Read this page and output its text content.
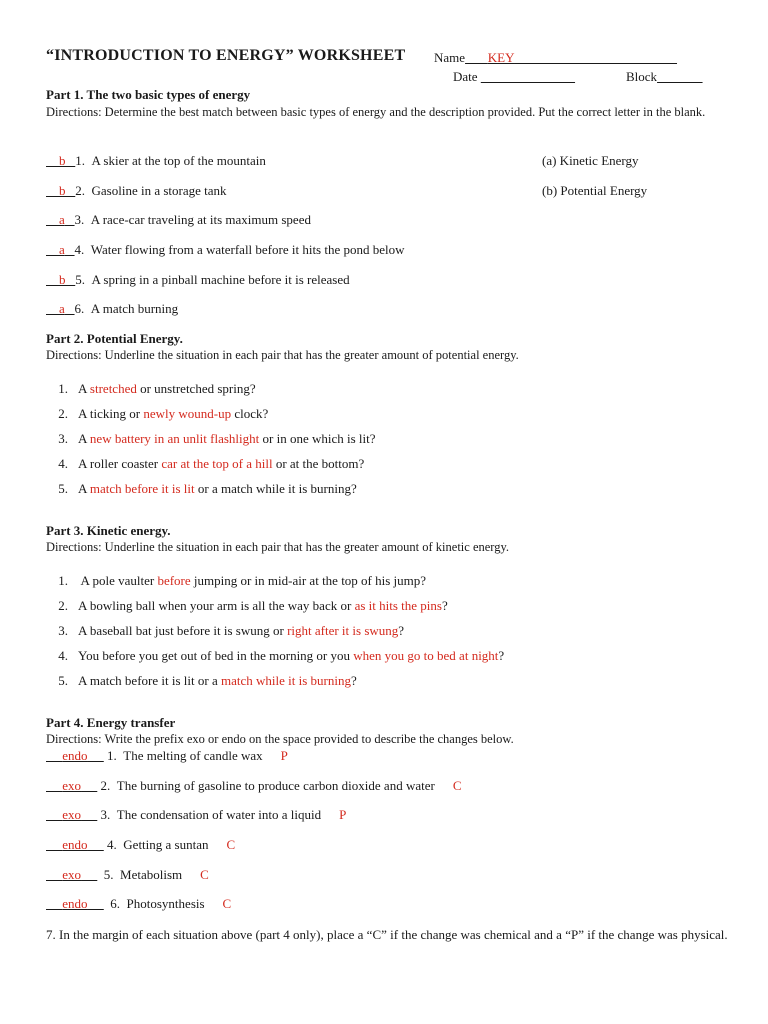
“INTRODUCTION TO ENERGY” WORKSHEET Name KEY
Date	Block
Part 1. The two basic types of energy
Directions: Determine the best match between basic types of energy and the description provided. Put the correct letter in the blank.
b 1. A skier at the top of the mountain
b 2. Gasoline in a storage tank
a 3. A race-car traveling at its maximum speed
a 4. Water flowing from a waterfall before it hits the pond below
b 5. A spring in a pinball machine before it is released
a 6. A match burning
(a) Kinetic Energy
(b) Potential Energy
Part 2. Potential Energy.
Directions: Underline the situation in each pair that has the greater amount of potential energy.
1. A stretched or unstretched spring?
2. A ticking or newly wound-up clock?
3. A new battery in an unlit flashlight or in one which is lit?
4. A roller coaster car at the top of a hill or at the bottom?
5. A match before it is lit or a match while it is burning?
Part 3. Kinetic energy.
Directions: Underline the situation in each pair that has the greater amount of kinetic energy.
1. A pole vaulter before jumping or in mid-air at the top of his jump?
2. A bowling ball when your arm is all the way back or as it hits the pins?
3. A baseball bat just before it is swung or right after it is swung?
4. You before you get out of bed in the morning or you when you go to bed at night?
5. A match before it is lit or a match while it is burning?
Part 4. Energy transfer
Directions: Write the prefix exo or endo on the space provided to describe the changes below.
endo 1. The melting of candle wax P
exo 2. The burning of gasoline to produce carbon dioxide and water C
exo 3. The condensation of water into a liquid P
endo 4. Getting a suntan C
exo 5. Metabolism C
endo 6. Photosynthesis C
7. In the margin of each situation above (part 4 only), place a “C” if the change was chemical and a “P” if the change was physical.
